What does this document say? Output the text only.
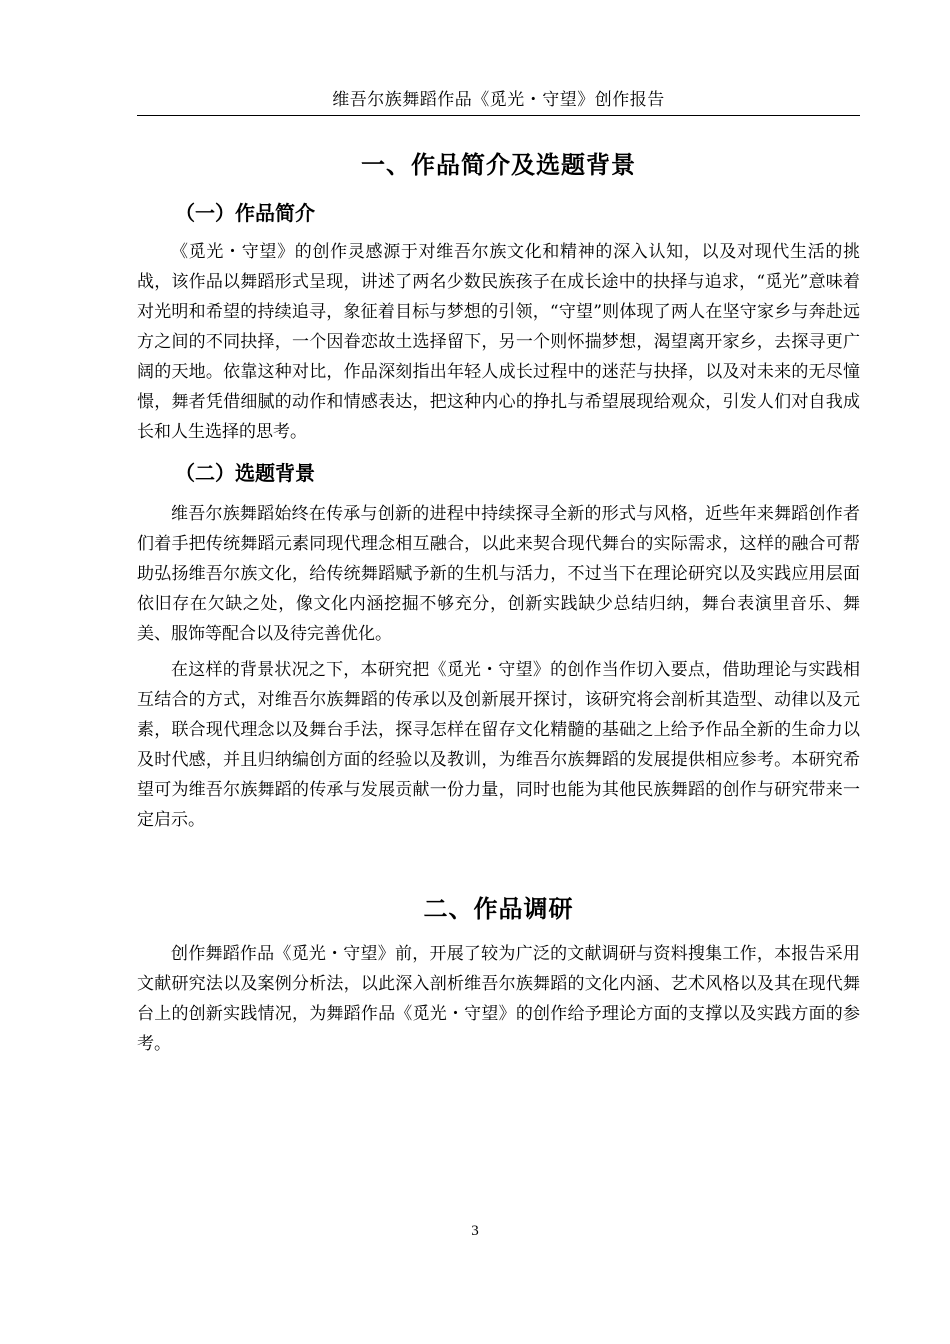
维吾尔族舞蹈作品《觅光・守望》创作报告
一、作品简介及选题背景
（一）作品简介

《觅光・守望》的创作灵感源于对维吾尔族文化和精神的深入认知，以及对现代生活的挑战，该作品以舞蹈形式呈现，讲述了两名少数民族孩子在成长途中的抉择与追求，“觅光”意味着对光明和希望的持续追寻，象征着目标与梦想的引领，“守望”则体现了两人在坚守家乡与奔赴远方之间的不同抉择，一个因眷恋故土选择留下，另一个则怀揣梦想，渴望离开家乡，去探寻更广阔的天地。依靠这种对比，作品深刻指出年轻人成长过程中的迷茫与抉择，以及对未来的无尽憧憬，舞者凭借细腻的动作和情感表达，把这种内心的挣扎与希望展现给观众，引发人们对自我成长和人生选择的思考。

（二）选题背景

维吾尔族舞蹈始终在传承与创新的进程中持续探寻全新的形式与风格，近些年来舞蹈创作者们着手把传统舞蹈元素同现代理念相互融合，以此来契合现代舞台的实际需求，这样的融合可帮助弘扬维吾尔族文化，给传统舞蹈赋予新的生机与活力，不过当下在理论研究以及实践应用层面依旧存在欠缺之处，像文化内涵挖掘不够充分，创新实践缺少总结归纳，舞台表演里音乐、舞美、服饰等配合以及待完善优化。

在这样的背景状况之下，本研究把《觅光・守望》的创作当作切入要点，借助理论与实践相互结合的方式，对维吾尔族舞蹈的传承以及创新展开探讨，该研究将会剖析其造型、动律以及元素，联合现代理念以及舞台手法，探寻怎样在留存文化精髓的基础之上给予作品全新的生命力以及时代感，并且归纳编创方面的经验以及教训，为维吾尔族舞蹈的发展提供相应参考。本研究希望可为维吾尔族舞蹈的传承与发展贡献一份力量，同时也能为其他民族舞蹈的创作与研究带来一定启示。

二、作品调研

创作舞蹈作品《觅光・守望》前，开展了较为广泛的文献调研与资料搜集工作，本报告采用文献研究法以及案例分析法，以此深入剖析维吾尔族舞蹈的文化内涵、艺术风格以及其在现代舞台上的创新实践情况，为舞蹈作品《觅光・守望》的创作给予理论方面的支撑以及实践方面的参考。

3
